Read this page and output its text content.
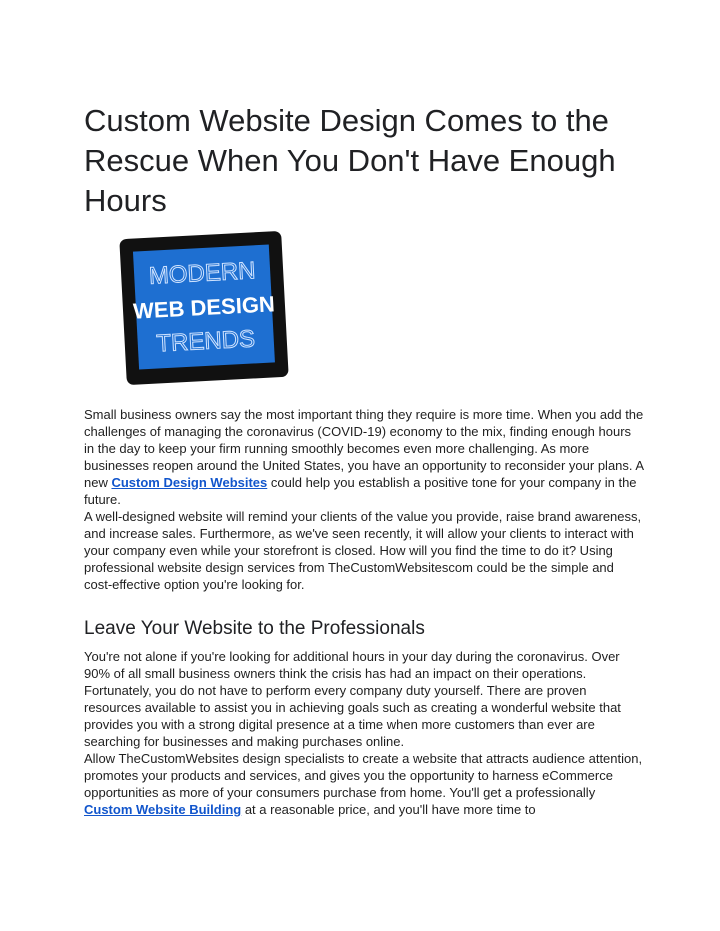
Custom Website Design Comes to the Rescue When You Don't Have Enough Hours
MODERN
WEB DESIGN
TRENDS

Small business owners say the most important thing they require is more time. When you add the challenges of managing the coronavirus (COVID-19) economy to the mix, finding enough hours in the day to keep your firm running smoothly becomes even more challenging. As more businesses reopen around the United States, you have an opportunity to reconsider your plans. A new Custom Design Websites could help you establish a positive tone for your company in the future.

A well-designed website will remind your clients of the value you provide, raise brand awareness, and increase sales. Furthermore, as we've seen recently, it will allow your clients to interact with your company even while your storefront is closed. How will you find the time to do it? Using professional website design services from TheCustomWebsitescom could be the simple and cost-effective option you're looking for.

Leave Your Website to the Professionals

You're not alone if you're looking for additional hours in your day during the coronavirus. Over 90% of all small business owners think the crisis has had an impact on their operations. Fortunately, you do not have to perform every company duty yourself. There are proven resources available to assist you in achieving goals such as creating a wonderful website that provides you with a strong digital presence at a time when more customers than ever are searching for businesses and making purchases online.

Allow TheCustomWebsites design specialists to create a website that attracts audience attention, promotes your products and services, and gives you the opportunity to harness eCommerce opportunities as more of your consumers purchase from home. You'll get a professionally Custom Website Building at a reasonable price, and you'll have more time to
